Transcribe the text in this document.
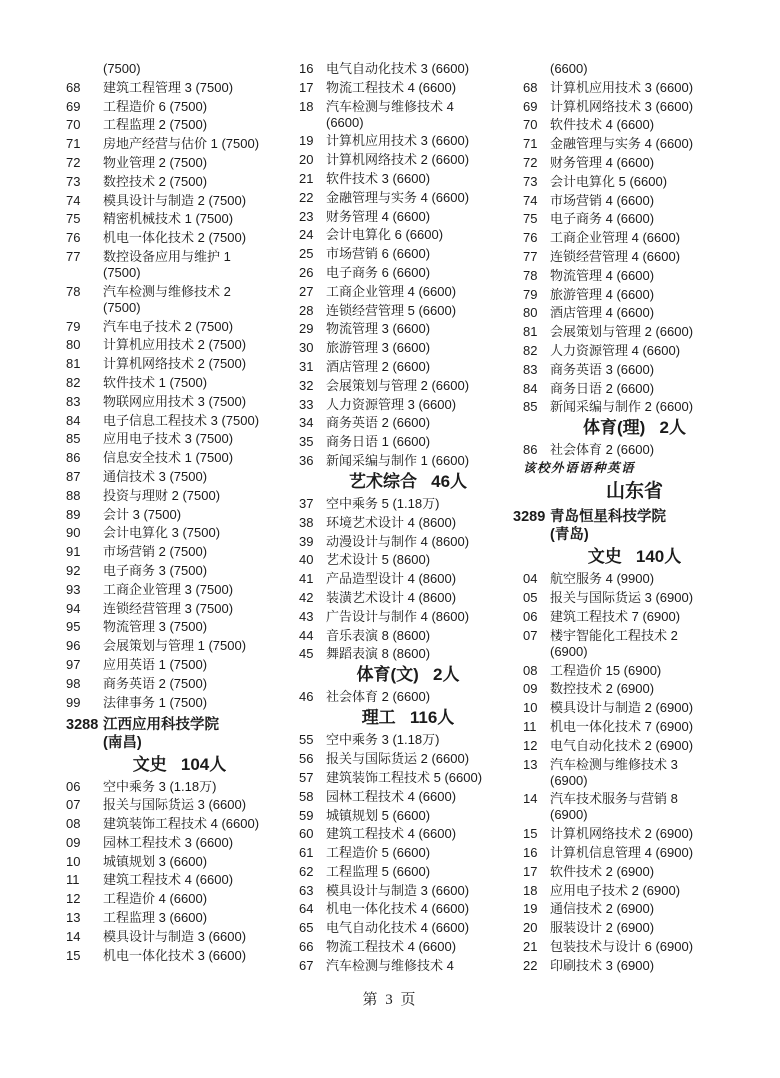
(7500)
68	建筑工程管理 3 (7500)
69	工程造价 6 (7500)
70	工程监理 2 (7500)
71	房地产经营与估价 1 (7500)
72	物业管理 2 (7500)
73	数控技术 2 (7500)
74	模具设计与制造 2 (7500)
75	精密机械技术 1 (7500)
76	机电一体化技术 2 (7500)
77	数控设备应用与维护 1
(7500)
78	汽车检测与维修技术 2
(7500)
79	汽车电子技术 2 (7500)
80	计算机应用技术 2 (7500)
81	计算机网络技术 2 (7500)
82	软件技术 1 (7500)
83	物联网应用技术 3 (7500)
84	电子信息工程技术 3 (7500)
85	应用电子技术 3 (7500)
86	信息安全技术 1 (7500)
87	通信技术 3 (7500)
88	投资与理财 2 (7500)
89	会计 3 (7500)
90	会计电算化 3 (7500)
91	市场营销 2 (7500)
92	电子商务 3 (7500)
93	工商企业管理 3 (7500)
94	连锁经营管理 3 (7500)
95	物流管理 3 (7500)
96	会展策划与管理 1 (7500)
97	应用英语 1 (7500)
98	商务英语 2 (7500)
99	法律事务 1 (7500)
3288 江西应用科技学院
(南昌)
文史   104人
06	空中乘务 3 (1.18万)
07	报关与国际货运 3 (6600)
08	建筑装饰工程技术 4 (6600)
09	园林工程技术 3 (6600)
10	城镇规划 3 (6600)
11	建筑工程技术 4 (6600)
12	工程造价 4 (6600)
13	工程监理 3 (6600)
14	模具设计与制造 3 (6600)
15	机电一体化技术 3 (6600)
16 电气自动化技术 3 (6600)
17 物流工程技术 4 (6600)
18 汽车检测与维修技术 4
(6600)
19 计算机应用技术 3 (6600)
20 计算机网络技术 2 (6600)
21 软件技术 3 (6600)
22 金融管理与实务 4 (6600)
23 财务管理 4 (6600)
24 会计电算化 6 (6600)
25 市场营销 6 (6600)
26 电子商务 6 (6600)
27 工商企业管理 4 (6600)
28 连锁经营管理 5 (6600)
29 物流管理 3 (6600)
30 旅游管理 3 (6600)
31 酒店管理 2 (6600)
32 会展策划与管理 2 (6600)
33 人力资源管理 3 (6600)
34 商务英语 2 (6600)
35 商务日语 1 (6600)
36 新闻采编与制作 1 (6600)
艺术综合   46人
37 空中乘务 5 (1.18万)
38 环境艺术设计 4 (8600)
39 动漫设计与制作 4 (8600)
40 艺术设计 5 (8600)
41 产品造型设计 4 (8600)
42 装潢艺术设计 4 (8600)
43 广告设计与制作 4 (8600)
44 音乐表演 8 (8600)
45 舞蹈表演 8 (8600)
体育(文)   2人
46 社会体育 2 (6600)
理工   116人
55 空中乘务 3 (1.18万)
56 报关与国际货运 2 (6600)
57 建筑装饰工程技术 5 (6600)
58 园林工程技术 4 (6600)
59 城镇规划 5 (6600)
60 建筑工程技术 4 (6600)
61 工程造价 5 (6600)
62 工程监理 5 (6600)
63 模具设计与制造 3 (6600)
64 机电一体化技术 4 (6600)
65 电气自动化技术 4 (6600)
66 物流工程技术 4 (6600)
67 汽车检测与维修技术 4
(6600)
68 计算机应用技术 3 (6600)
69 计算机网络技术 3 (6600)
70 软件技术 4 (6600)
71 金融管理与实务 4 (6600)
72 财务管理 4 (6600)
73 会计电算化 5 (6600)
74 市场营销 4 (6600)
75 电子商务 4 (6600)
76 工商企业管理 4 (6600)
77 连锁经营管理 4 (6600)
78 物流管理 4 (6600)
79 旅游管理 4 (6600)
80 酒店管理 4 (6600)
81 会展策划与管理 2 (6600)
82 人力资源管理 4 (6600)
83 商务英语 3 (6600)
84 商务日语 2 (6600)
85 新闻采编与制作 2 (6600)
体育(理)   2人
86 社会体育 2 (6600)
该校外语语种英语
山东省
3289 青岛恒星科技学院
(青岛)
文史   140人
04 航空服务 4 (9900)
05 报关与国际货运 3 (6900)
06 建筑工程技术 7 (6900)
07 楼宇智能化工程技术 2
(6900)
08 工程造价 15 (6900)
09 数控技术 2 (6900)
10 模具设计与制造 2 (6900)
11	机电一体化技术 7 (6900)
12 电气自动化技术 2 (6900)
13 汽车检测与维修技术 3
(6900)
14 汽车技术服务与营销 8
(6900)
15 计算机网络技术 2 (6900)
16 计算机信息管理 4 (6900)
17 软件技术 2 (6900)
18 应用电子技术 2 (6900)
19 通信技术 2 (6900)
20 服装设计 2 (6900)
21 包装技术与设计 6 (6900)
22 印刷技术 3 (6900)
第 3 页
